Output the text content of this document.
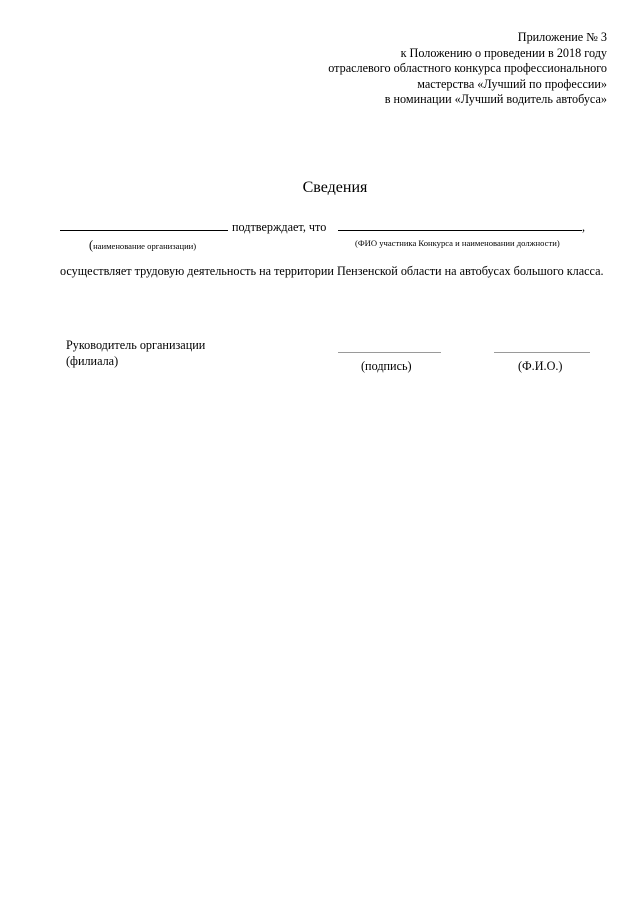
Приложение № 3
к Положению о проведении в 2018 году
отраслевого областного конкурса профессионального
мастерства «Лучший по профессии»
в номинации «Лучший водитель автобуса»
Сведения
подтверждает, что	,
(наименование организации)	(ФИО участника Конкурса и наименовании должности)
осуществляет трудовую деятельность на территории Пензенской области на автобусах большого класса.
Руководитель организации
(филиала)	(подпись)	(Ф.И.О.)
